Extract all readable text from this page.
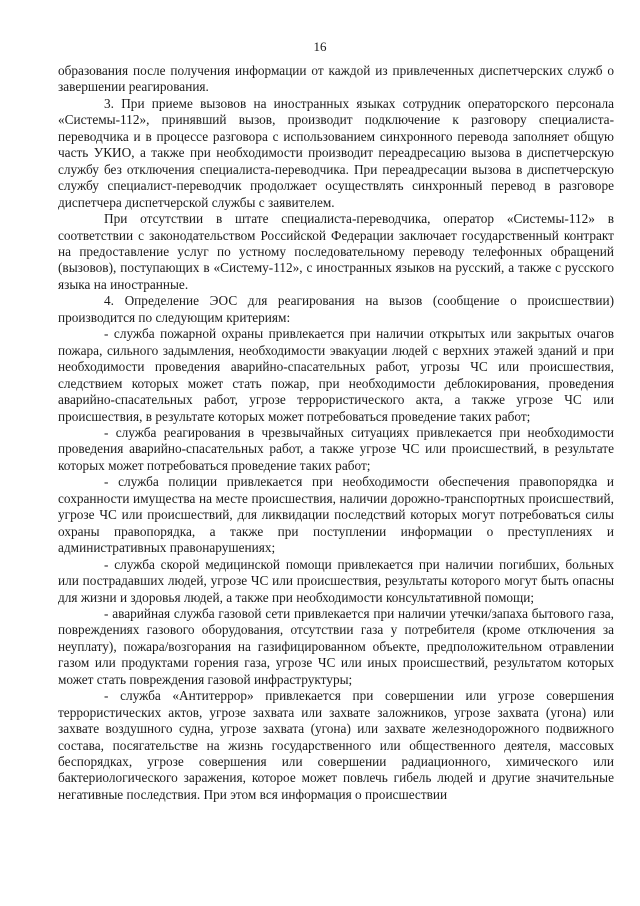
16

образования после получения информации от каждой из привлеченных диспетчерских служб о завершении реагирования.

3. При приеме вызовов на иностранных языках сотрудник операторского персонала «Системы-112», принявший вызов, производит подключение к разговору специалиста-переводчика и в процессе разговора с использованием синхронного перевода заполняет общую часть УКИО, а также при необходимости производит переадресацию вызова в диспетчерскую службу без отключения специалиста-переводчика. При переадресации вызова в диспетчерскую службу специалист-переводчик продолжает осуществлять синхронный перевод в разговоре диспетчера диспетчерской службы с заявителем.

При отсутствии в штате специалиста-переводчика, оператор «Системы-112» в соответствии с законодательством Российской Федерации заключает государственный контракт на предоставление услуг по устному последовательному переводу телефонных обращений (вызовов), поступающих в «Систему-112», с иностранных языков на русский, а также с русского языка на иностранные.

4. Определение ЭОС для реагирования на вызов (сообщение о происшествии) производится по следующим критериям:

- служба пожарной охраны привлекается при наличии открытых или закрытых очагов пожара, сильного задымления, необходимости эвакуации людей с верхних этажей зданий и при необходимости проведения аварийно-спасательных работ, угрозы ЧС или происшествия, следствием которых может стать пожар, при необходимости деблокирования, проведения аварийно-спасательных работ, угрозе террористического акта, а также угрозе ЧС или происшествия, в результате которых может потребоваться проведение таких работ;

- служба реагирования в чрезвычайных ситуациях привлекается при необходимости проведения аварийно-спасательных работ, а также угрозе ЧС или происшествий, в результате которых может потребоваться проведение таких работ;

- служба полиции привлекается при необходимости обеспечения правопорядка и сохранности имущества на месте происшествия, наличии дорожно-транспортных происшествий, угрозе ЧС или происшествий, для ликвидации последствий которых могут потребоваться силы охраны правопорядка, а также при поступлении информации о преступлениях и административных правонарушениях;

- служба скорой медицинской помощи привлекается при наличии погибших, больных или пострадавших людей, угрозе ЧС или происшествия, результаты которого могут быть опасны для жизни и здоровья людей, а также при необходимости консультативной помощи;

- аварийная служба газовой сети привлекается при наличии утечки/запаха бытового газа, повреждениях газового оборудования, отсутствии газа у потребителя (кроме отключения за неуплату), пожара/возгорания на газифицированном объекте, предположительном отравлении газом или продуктами горения газа, угрозе ЧС или иных происшествий, результатом которых может стать повреждения газовой инфраструктуры;

- служба «Антитеррор» привлекается при совершении или угрозе совершения террористических актов, угрозе захвата или захвате заложников, угрозе захвата (угона) или захвате воздушного судна, угрозе захвата (угона) или захвате железнодорожного подвижного состава, посягательстве на жизнь государственного или общественного деятеля, массовых беспорядках, угрозе совершения или совершении радиационного, химического или бактериологического заражения, которое может повлечь гибель людей и другие значительные негативные последствия. При этом вся информация о происшествии
